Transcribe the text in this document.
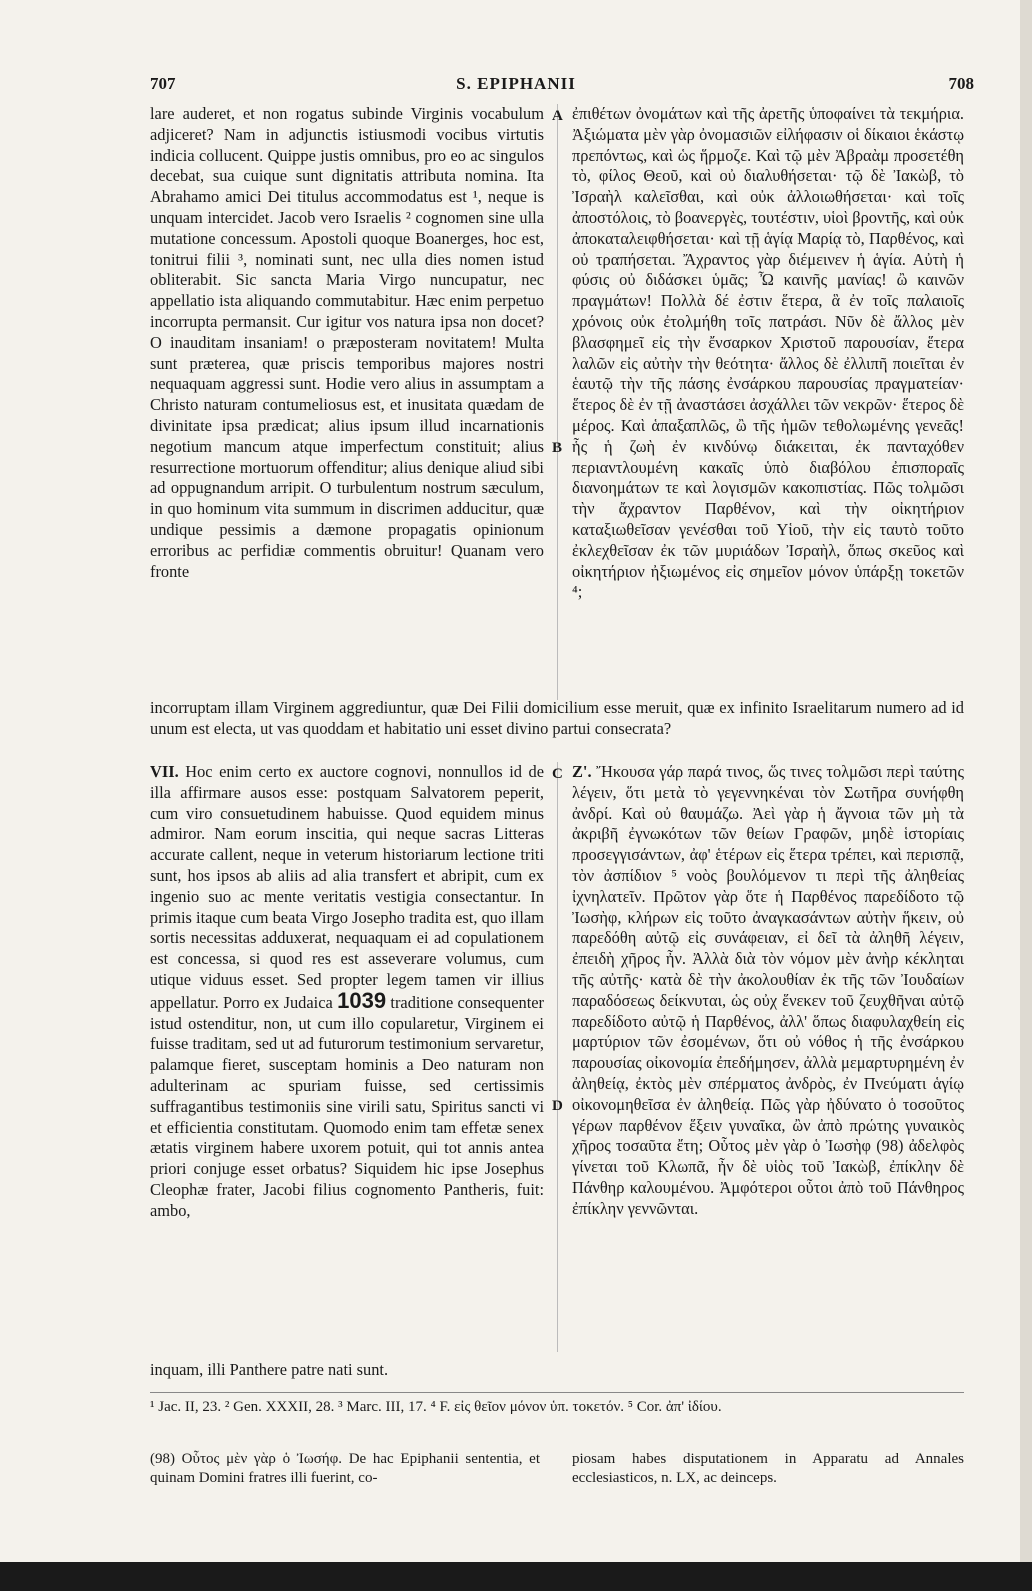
707	S. EPIPHANII	708
A
B
C
D

lare auderet, et non rogatus subinde Virginis vocabulum adjiceret? Nam in adjunctis istiusmodi vocibus virtutis indicia collucent. Quippe justis omnibus, pro eo ac singulos decebat, sua cuique sunt dignitatis attributa nomina. Ita Abrahamo amici Dei titulus accommodatus est ¹, neque is unquam intercidet. Jacob vero Israelis ² cognomen sine ulla mutatione concessum. Apostoli quoque Boanerges, hoc est, tonitrui filii ³, nominati sunt, nec ulla dies nomen istud obliterabit. Sic sancta Maria Virgo nuncupatur, nec appellatio ista aliquando commutabitur. Hæc enim perpetuo incorrupta permansit. Cur igitur vos natura ipsa non docet? O inauditam insaniam! o præposteram novitatem! Multa sunt præterea, quæ priscis temporibus majores nostri nequaquam aggressi sunt. Hodie vero alius in assumptam a Christo naturam contumeliosus est, et inusitata quædam de divinitate ipsa prædicat; alius ipsum illud incarnationis negotium mancum atque imperfectum constituit; alius resurrectione mortuorum offenditur; alius denique aliud sibi ad oppugnandum arripit. O turbulentum nostrum sæculum, in quo hominum vita summum in discrimen adducitur, quæ undique pessimis a dæmone propagatis opinionum erroribus ac perfidiæ commentis obruitur! Quanam vero fronte

ἐπιθέτων ὀνομάτων καὶ τῆς ἀρετῆς ὑποφαίνει τὰ τεκμήρια. Ἀξιώματα μὲν γὰρ ὀνομασιῶν εἰλήφασιν οἱ δίκαιοι ἑκάστῳ πρεπόντως, καὶ ὡς ἥρμοζε. Καὶ τῷ μὲν Ἀβραὰμ προσετέθη τὸ, φίλος Θεοῦ, καὶ οὐ διαλυθήσεται· τῷ δὲ Ἰακὼβ, τὸ Ἰσραὴλ καλεῖσθαι, καὶ οὐκ ἀλλοιωθήσεται· καὶ τοῖς ἀποστόλοις, τὸ βοανεργὲς, τουτέστιν, υἱοὶ βροντῆς, καὶ οὐκ ἀποκαταλειφθήσεται· καὶ τῇ ἁγίᾳ Μαρίᾳ τὸ, Παρθένος, καὶ οὐ τραπήσεται. Ἄχραντος γὰρ διέμεινεν ἡ ἁγία. Αὐτὴ ἡ φύσις οὐ διδάσκει ὑμᾶς; Ὦ καινῆς μανίας! ὢ καινῶν πραγμάτων! Πολλὰ δέ ἐστιν ἕτερα, ἃ ἐν τοῖς παλαιοῖς χρόνοις οὐκ ἐτολμήθη τοῖς πατράσι. Νῦν δὲ ἄλλος μὲν βλασφημεῖ εἰς τὴν ἔνσαρκον Χριστοῦ παρουσίαν, ἕτερα λαλῶν εἰς αὐτὴν τὴν θεότητα· ἄλλος δὲ ἐλλιπῆ ποιεῖται ἐν ἑαυτῷ τὴν τῆς πάσης ἐνσάρκου παρουσίας πραγματείαν· ἕτερος δὲ ἐν τῇ ἀναστάσει ἀσχάλλει τῶν νεκρῶν· ἕτερος δὲ μέρος. Καὶ ἁπαξαπλῶς, ὢ τῆς ἡμῶν τεθολωμένης γενεᾶς! ἧς ἡ ζωὴ ἐν κινδύνῳ διάκειται, ἐκ πανταχόθεν περιαντλουμένη κακαῖς ὑπὸ διαβόλου ἐπισποραῖς διανοημάτων τε καὶ λογισμῶν κακοπιστίας. Πῶς τολμῶσι τὴν ἄχραντον Παρθένον, καὶ τὴν οἰκητήριον καταξιωθεῖσαν γενέσθαι τοῦ Υἱοῦ, τὴν εἰς ταυτὸ τοῦτο ἐκλεχθεῖσαν ἐκ τῶν μυριάδων Ἰσραὴλ, ὅπως σκεῦος καὶ οἰκητήριον ἠξιωμένος εἰς σημεῖον μόνον ὑπάρξῃ τοκετῶν ⁴;

incorruptam illam Virginem aggrediuntur, quæ Dei Filii domicilium esse meruit, quæ ex infinito Israelitarum numero ad id unum est electa, ut vas quoddam et habitatio uni esset divino partui consecrata?

VII. Hoc enim certo ex auctore cognovi, nonnullos id de illa affirmare ausos esse: postquam Salvatorem peperit, cum viro consuetudinem habuisse. Quod equidem minus admiror. Nam eorum inscitia, qui neque sacras Litteras accurate callent, neque in veterum historiarum lectione triti sunt, hos ipsos ab aliis ad alia transfert et abripit, cum ex ingenio suo ac mente veritatis vestigia consectantur. In primis itaque cum beata Virgo Josepho tradita est, quo illam sortis necessitas adduxerat, nequaquam ei ad copulationem est concessa, si quod res est asseverare volumus, cum utique viduus esset. Sed propter legem tamen vir illius appellatur. Porro ex Judaica 1039 traditione consequenter istud ostenditur, non, ut cum illo copularetur, Virginem ei fuisse traditam, sed ut ad futurorum testimonium servaretur, palamque fieret, susceptam hominis a Deo naturam non adulterinam ac spuriam fuisse, sed certissimis suffragantibus testimoniis sine virili satu, Spiritus sancti vi et efficientia constitutam. Quomodo enim tam effetæ senex ætatis virginem habere uxorem potuit, qui tot annis antea priori conjuge esset orbatus? Siquidem hic ipse Josephus Cleophæ frater, Jacobi filius cognomento Pantheris, fuit: ambo,

Ζ'. Ἤκουσα γάρ παρά τινος, ὥς τινες τολμῶσι περὶ ταύτης λέγειν, ὅτι μετὰ τὸ γεγεννηκέναι τὸν Σωτῆρα συνήφθη ἀνδρί. Καὶ οὐ θαυμάζω. Ἀεὶ γὰρ ἡ ἄγνοια τῶν μὴ τὰ ἀκριβῆ ἐγνωκότων τῶν θείων Γραφῶν, μηδὲ ἱστορίαις προσεγγισάντων, ἀφ' ἑτέρων εἰς ἕτερα τρέπει, καὶ περισπᾷ, τὸν ἀσπίδιον ⁵ νοὸς βουλόμενον τι περὶ τῆς ἀληθείας ἰχνηλατεῖν. Πρῶτον γὰρ ὅτε ἡ Παρθένος παρεδίδοτο τῷ Ἰωσὴφ, κλήρων εἰς τοῦτο ἀναγκασάντων αὐτὴν ἥκειν, οὐ παρεδόθη αὐτῷ εἰς συνάφειαν, εἰ δεῖ τὰ ἀληθῆ λέγειν, ἐπειδὴ χῆρος ἦν. Ἀλλὰ διὰ τὸν νόμον μὲν ἀνὴρ κέκληται τῆς αὐτῆς· κατὰ δὲ τὴν ἀκολουθίαν ἐκ τῆς τῶν Ἰουδαίων παραδόσεως δείκνυται, ὡς οὐχ ἕνεκεν τοῦ ζευχθῆναι αὐτῷ παρεδίδοτο αὐτῷ ἡ Παρθένος, ἀλλ' ὅπως διαφυλαχθείη εἰς μαρτύριον τῶν ἐσομένων, ὅτι οὐ νόθος ἡ τῆς ἐνσάρκου παρουσίας οἰκονομία ἐπεδήμησεν, ἀλλὰ μεμαρτυρημένη ἐν ἀληθείᾳ, ἐκτὸς μὲν σπέρματος ἀνδρὸς, ἐν Πνεύματι ἁγίῳ οἰκονομηθεῖσα ἐν ἀληθείᾳ. Πῶς γὰρ ἠδύνατο ὁ τοσοῦτος γέρων παρθένον ἕξειν γυναῖκα, ὢν ἀπὸ πρώτης γυναικὸς χῆρος τοσαῦτα ἔτη; Οὗτος μὲν γὰρ ὁ Ἰωσὴφ (98) ἀδελφὸς γίνεται τοῦ Κλωπᾶ, ἦν δὲ υἱὸς τοῦ Ἰακὼβ, ἐπίκλην δὲ Πάνθηρ καλουμένου. Ἀμφότεροι οὗτοι ἀπὸ τοῦ Πάνθηρος ἐπίκλην γεννῶνται.

inquam, illi Panthere patre nati sunt.
¹ Jac. II, 23. ² Gen. XXXII, 28. ³ Marc. III, 17. ⁴ F. εἰς θεῖον μόνον ὑπ. τοκετόν. ⁵ Cor. ἀπ' ἰδίου.
(98) Οὗτος μὲν γὰρ ὁ Ἰωσήφ. De hac Epiphanii sententia, et quinam Domini fratres illi fuerint, co-
piosam habes disputationem in Apparatu ad Annales ecclesiasticos, n. LX, ac deinceps.
